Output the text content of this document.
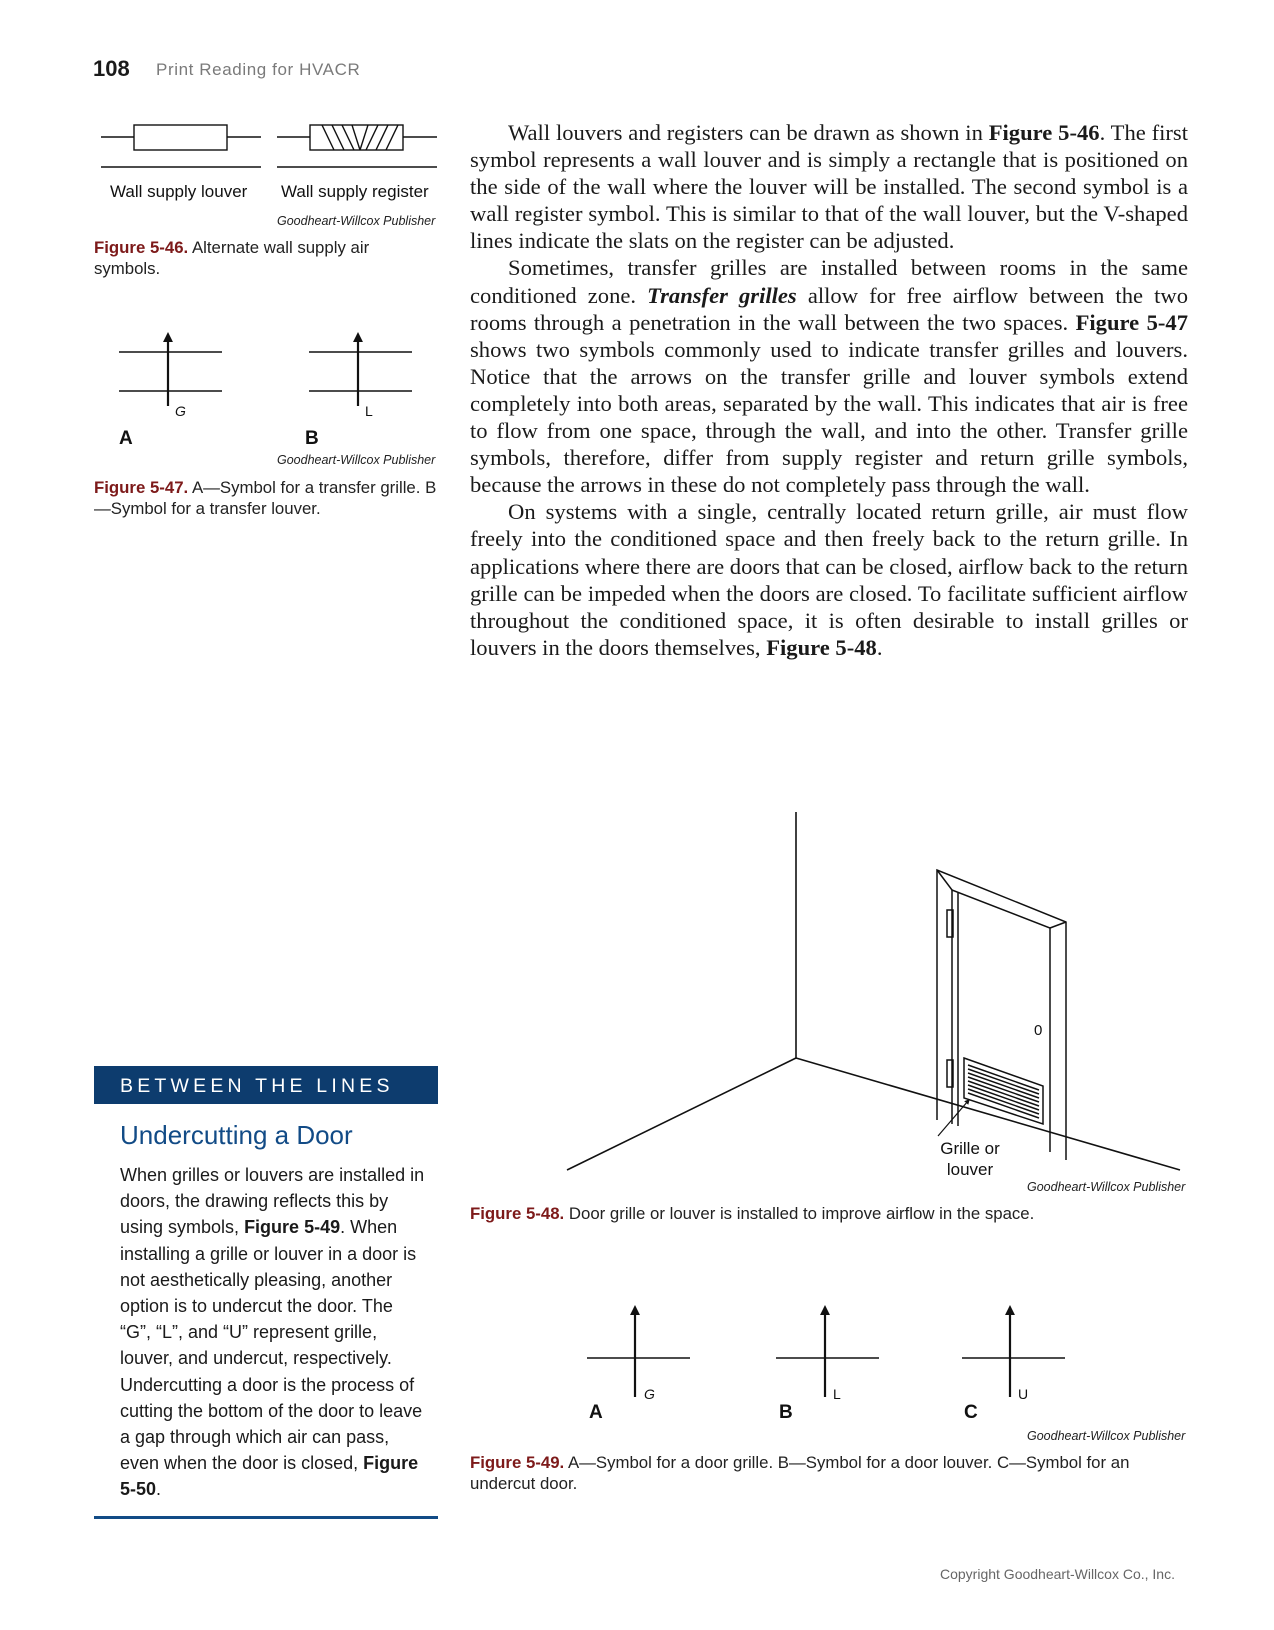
108 Print Reading for HVACR

Wall louvers and registers can be drawn as shown in Figure 5-46. The first symbol represents a wall louver and is simply a rectangle that is positioned on the side of the wall where the louver will be installed. The second symbol is a wall register symbol. This is similar to that of the wall louver, but the V-shaped lines indicate the slats on the register can be adjusted.

Sometimes, transfer grilles are installed between rooms in the same conditioned zone. Transfer grilles allow for free airflow between the two rooms through a penetration in the wall between the two spaces. Figure 5-47 shows two symbols commonly used to indicate transfer grilles and louvers. Notice that the arrows on the transfer grille and louver symbols extend completely into both areas, separated by the wall. This indicates that air is free to flow from one space, through the wall, and into the other. Transfer grille symbols, therefore, differ from supply register and return grille symbols, because the arrows in these do not completely pass through the wall.

On systems with a single, centrally located return grille, air must flow freely into the conditioned space and then freely back to the return grille. In applications where there are doors that can be closed, airflow back to the return grille can be impeded when the doors are closed. To facilitate sufficient airflow throughout the conditioned space, it is often desirable to install grilles or louvers in the doors themselves, Figure 5-48.

Wall supply louver Wall supply register
Goodheart-Willcox Publisher
Figure 5-46. Alternate wall supply air symbols.
G	L
A	B
Goodheart-Willcox Publisher
Figure 5-47. A—Symbol for a transfer grille. B—Symbol for a transfer louver.
0
Grille or
louver
Goodheart-Willcox Publisher
Figure 5-48. Door grille or louver is installed to improve airflow in the space.
G	L	U
A	B	C
Goodheart-Willcox Publisher
Figure 5-49. A—Symbol for a door grille. B—Symbol for a door louver. C—Symbol for an undercut door.
BETWEEN THE LINES
Undercutting a Door
When grilles or louvers are installed in doors, the drawing reflects this by using symbols, Figure 5-49. When installing a grille or louver in a door is not aesthetically pleasing, another option is to undercut the door. The “G”, “L”, and “U” represent grille, louver, and undercut, respectively. Undercutting a door is the process of cutting the bottom of the door to leave a gap through which air can pass, even when the door is closed, Figure 5-50.
Copyright Goodheart-Willcox Co., Inc.
